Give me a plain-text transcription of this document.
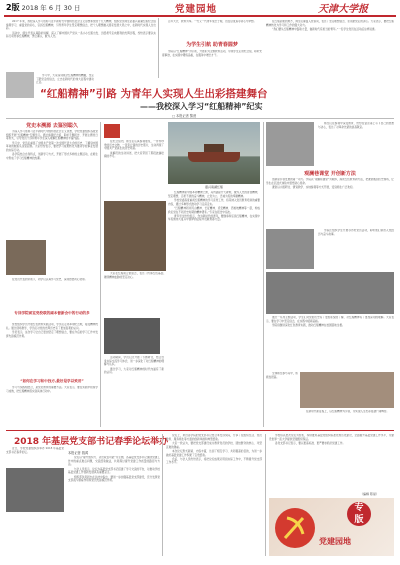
2版 2018 年 6 月 30 日	党建园地	天津大学报

2017 年来，我校深入学习贯彻习近平新时代中国特色社会主义思想和党的十九大精神，组织党员师生赴嘉兴南湖红船纪念馆参观学习，重温党的初心，弘扬红船精神，引导青年学生坚定理想信念，把个人理想融入国家发展大局之中，在新时代实现人生出彩。

活动中，师生代表认真聆听讲解，深入了解中国共产党从一条小小红船出发、历经艰辛走向胜利的光辉历程，纷纷表示要以实际行动传承红船精神，勇立潮头，敢为人先。

学习中，大家深刻领会红船精神的精髓，坚定了跟党走的信念，立志在新时代的伟大征程中建功立业。

百年大计，教育为本。一代又一代青年成长于斯，也在这里追寻初心与梦想。

为学生引航 助青春圆梦

学院以“红船精神”为引领，开展系列主题教育活动，带领学生走进纪念馆，聆听先辈事迹，在实践中锤炼品格，在服务中增长才干。

在红船起航的地方，师生们重温入党誓词，表达了坚定理想信念、永远跟党走的决心。大家表示，要把红船精神转化为学习和工作的强大动力。

“我们要从红船精神中汲取力量，做新时代有担当的青年。”一名学生党员在活动后这样说道。

“红船精神”引路 为青年人实现人生出彩搭建舞台
——我校深入学习“红船精神”纪实
□ 本报记者 黎萱
党史本溯源 去鉴别聪久

为深入学习贯彻习近平新时代中国特色社会主义思想，学校党委组织各级党组织开展“红船精神”专题学习。通过参观纪念馆、聆听专题报告、开展主题党日等形式，引导党员干部和青年学生深入理解红船精神的丰富内涵。

学习中，党员们重温了中国共产党第一次全国代表大会的历史，了解到中国革命的航船从这里起航。大家纷纷表示，要把学习成果转化为推动学校事业发展的实际行动。

各学院结合自身特点，创新学习方式，开展了形式多样的主题活动，在师生中形成了学习红船精神的热潮。

在党员代表的带领下，同学们认真学习党史，深刻感悟初心使命。

专训学院面室党校联的副本督新会中的行动的多

党校组织学员开展红色教育实践活动，学员们走进革命纪念地，接受精神洗礼。通过现场教学，学员们对党的光辉历史有了更加直观的认识。

学员表示，这次学习让自己更加坚定了理想信念，要在今后的学习工作中发挥先锋模范作用。

“如何在学习和中找方,最好是学以致用”

学习与实践相结合，是党员教育的重要方法。大家表示，要在实践中检验学习成效，把红船精神落实到具体行动中。

在纪念馆内，师生们认真参观展览，一件件珍贵的历史文物、一张张泛黄的历史照片，生动再现了中国共产党诞生的历史场景。

讲解员的生动讲述，把大家带回了那段波澜壮阔的岁月。

大家在红船前合影留念，表达了传承红色基因、赓续精神血脉的坚定决心。

活动期间，学员们还开展了专题研讨，结合自身实际交流学习体会，进一步深化了对红船精神的理解与认识。

通过学习，大家对红船精神的时代内涵有了新的认识。

嘉兴南湖红船

红船精神是中国革命精神之源，其内涵是开天辟地、敢为人先的首创精神，坚定理想、百折不挠的奋斗精神，立党为公、忠诚为民的奉献精神。

学校党委高度重视红船精神的学习宣传工作，将其纳入党员教育培训的重要内容，通过多种形式推动学习走深走实。

“红船精神同井冈山精神、长征精神、延安精神、西柏坡精神等一起，构成我们党在不同历史时期的精神谱系。”专家在报告中指出。

青年学生纷纷表示，作为新时代的青年，要继承和弘扬红船精神，在实现中华民族伟大复兴中国梦的征程中贡献青春力量。

师生们在参观中深受教育，纷纷在留言簿上写下自己的感想与决心，表达了对革命先辈的崇高敬意。

观澜巷课堂 开创新方法

创新是引领发展的第一动力。学院以“观澜巷课堂”为载体，探索红色教育新方法，把课堂搬到历史现场，让学生在沉浸式体验中感悟初心使命。

课堂以小组研讨、情景教学、实地参观等方式开展，受到师生广泛欢迎。

学院还组织学生开展寻访老党员活动，聆听他们讲述入党经历与奋斗故事。

通过一系列主题活动，学生们对党的历史有了更加系统的了解，对红船精神有了更加深刻的理解。大家表示，要在学习中坚定信念，在实践中砥砺品格。

学院将继续深化红色教育实践，推动红船精神在校园落地生根。

全体师生参与其中，积极性很高。

在新时代新征程上，以红船精神为引领，为实现人生出彩搭建广阔舞台。

2018 年基层党支部书记春季论坛举办

近日，学校党委组织部举办 2018 年基层党支部书记春季论坛。	本报记者 钱鸿

论坛以“提升组织力、突出政治功能”为主题，各基层党支部书记围绕党建工作中的重点难点问题，交流经验做法，共同探讨提升党建工作质量的路径与方法。

与会人员表示，论坛为基层党支部书记搭建了学习交流的平台，对推动学校基层党建工作创新发展具有重要意义。

组织部负责同志在总结中指出，要进一步加强基层党支部建设，充分发挥党支部战斗堡垒作用和党员先锋模范作用。

论坛上，来自各学院的党支部书记结合本支部实际，分享了在组织生活、党员教育、服务师生等方面的创新举措和典型经验。

大家一致认为，要把党支部建设成为教育党员的学校、团结群众的核心、攻坚克难的堡垒。

本次论坛形式新颖、内容丰富，达到了相互学习、共同提高的目的，为进一步做好基层党建工作积累了宝贵经验。

会后，与会人员纷纷表示，将把论坛成果运用到实际工作中，不断提升党支部工作水平。

学校将以此次论坛为契机，持续推进基层党组织标准化规范化建设，全面提升基层党建工作水平，为建设世界一流大学提供坚强组织保证。

各党支部书记表示，要以更高标准、更严要求抓好党建工作。

（编辑 陈星）
专
版
党建园地
